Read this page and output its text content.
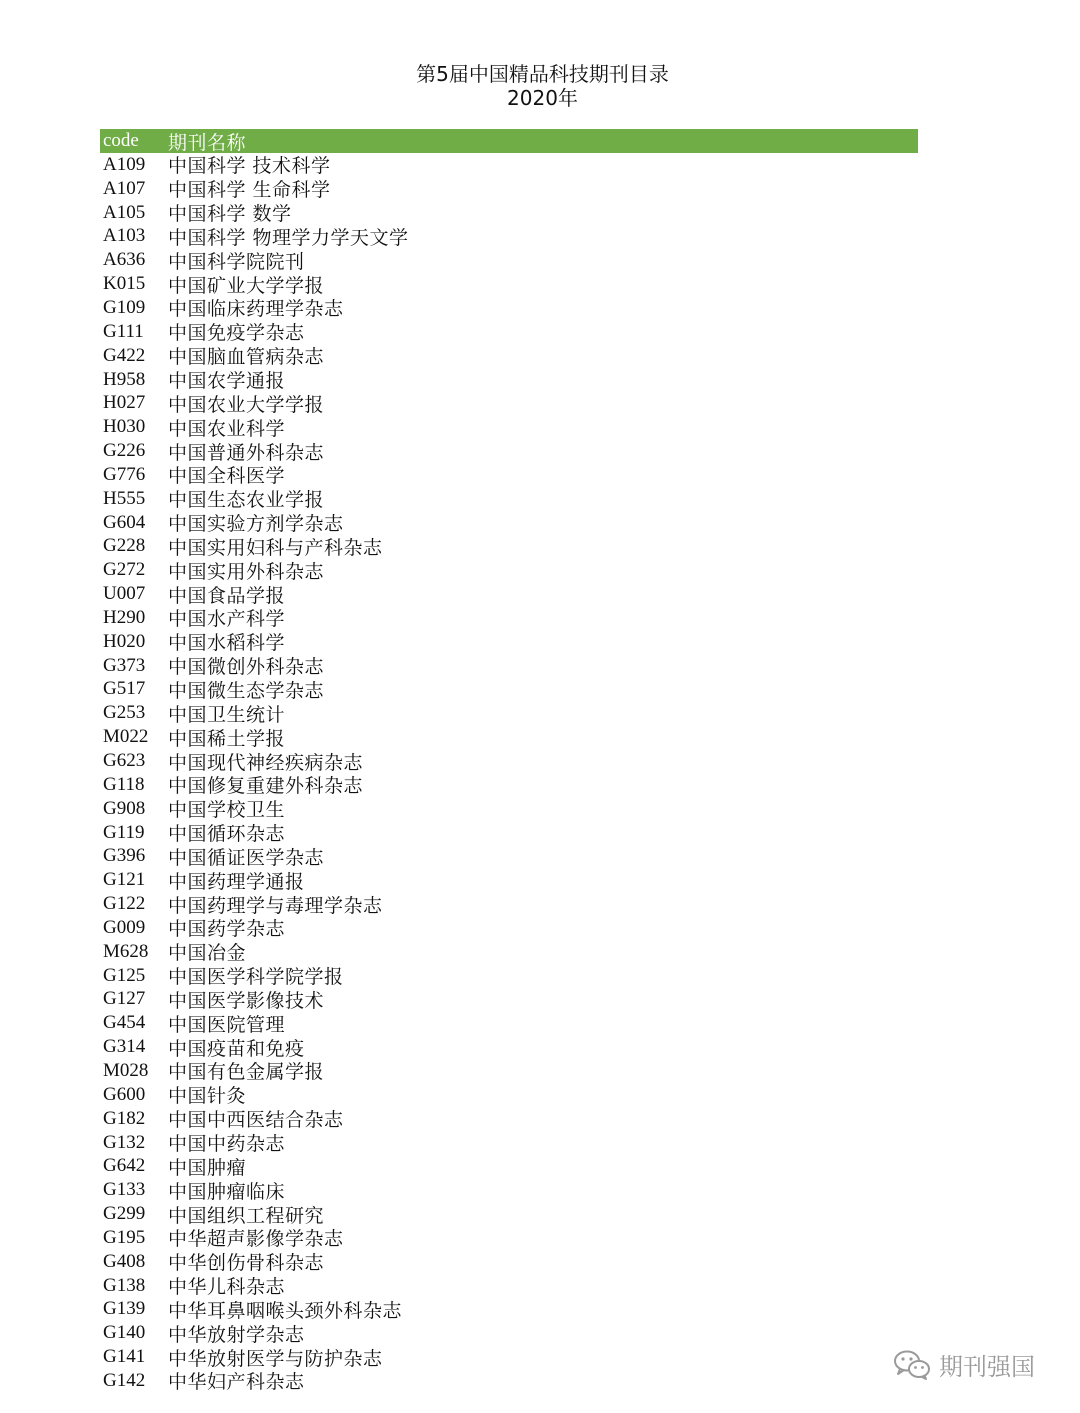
第5届中国精品科技期刊目录
2020年
code	期刊名称
A109	中国科学 技术科学
A107	中国科学 生命科学
A105	中国科学 数学
A103	中国科学 物理学力学天文学
A636	中国科学院院刊
K015	中国矿业大学学报
G109	中国临床药理学杂志
G111	中国免疫学杂志
G422	中国脑血管病杂志
H958	中国农学通报
H027	中国农业大学学报
H030	中国农业科学
G226	中国普通外科杂志
G776	中国全科医学
H555	中国生态农业学报
G604	中国实验方剂学杂志
G228	中国实用妇科与产科杂志
G272	中国实用外科杂志
U007	中国食品学报
H290	中国水产科学
H020	中国水稻科学
G373	中国微创外科杂志
G517	中国微生态学杂志
G253	中国卫生统计
M022	中国稀土学报
G623	中国现代神经疾病杂志
G118	中国修复重建外科杂志
G908	中国学校卫生
G119	中国循环杂志
G396	中国循证医学杂志
G121	中国药理学通报
G122	中国药理学与毒理学杂志
G009	中国药学杂志
M628	中国冶金
G125	中国医学科学院学报
G127	中国医学影像技术
G454	中国医院管理
G314	中国疫苗和免疫
M028	中国有色金属学报
G600	中国针灸
G182	中国中西医结合杂志
G132	中国中药杂志
G642	中国肿瘤
G133	中国肿瘤临床
G299	中国组织工程研究
G195	中华超声影像学杂志
G408	中华创伤骨科杂志
G138	中华儿科杂志
G139	中华耳鼻咽喉头颈外科杂志
G140	中华放射学杂志
G141	中华放射医学与防护杂志
G142	中华妇产科杂志
期刊强国
